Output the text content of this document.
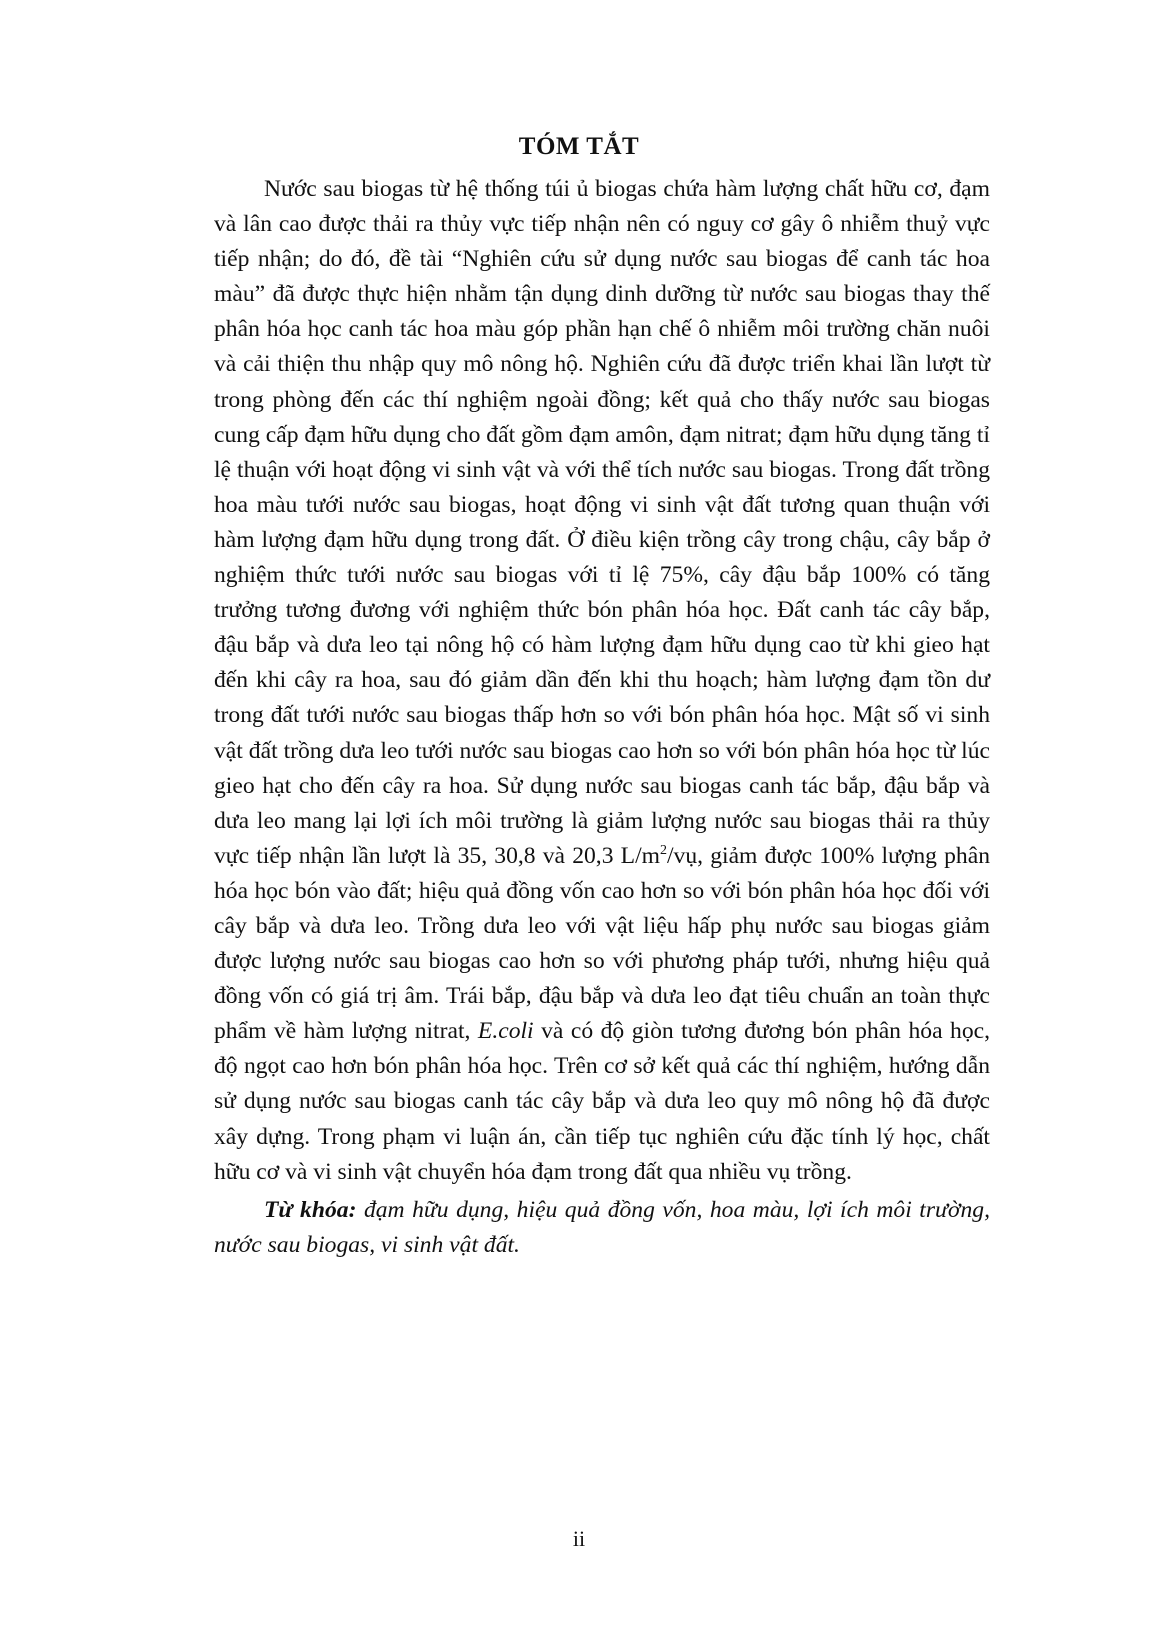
TÓM TẮT

Nước sau biogas từ hệ thống túi ủ biogas chứa hàm lượng chất hữu cơ, đạm và lân cao được thải ra thủy vực tiếp nhận nên có nguy cơ gây ô nhiễm thuỷ vực tiếp nhận; do đó, đề tài “Nghiên cứu sử dụng nước sau biogas để canh tác hoa màu” đã được thực hiện nhằm tận dụng dinh dưỡng từ nước sau biogas thay thế phân hóa học canh tác hoa màu góp phần hạn chế ô nhiễm môi trường chăn nuôi và cải thiện thu nhập quy mô nông hộ. Nghiên cứu đã được triển khai lần lượt từ trong phòng đến các thí nghiệm ngoài đồng; kết quả cho thấy nước sau biogas cung cấp đạm hữu dụng cho đất gồm đạm amôn, đạm nitrat; đạm hữu dụng tăng tỉ lệ thuận với hoạt động vi sinh vật và với thể tích nước sau biogas. Trong đất trồng hoa màu tưới nước sau biogas, hoạt động vi sinh vật đất tương quan thuận với hàm lượng đạm hữu dụng trong đất. Ở điều kiện trồng cây trong chậu, cây bắp ở nghiệm thức tưới nước sau biogas với tỉ lệ 75%, cây đậu bắp 100% có tăng trưởng tương đương với nghiệm thức bón phân hóa học. Đất canh tác cây bắp, đậu bắp và dưa leo tại nông hộ có hàm lượng đạm hữu dụng cao từ khi gieo hạt đến khi cây ra hoa, sau đó giảm dần đến khi thu hoạch; hàm lượng đạm tồn dư trong đất tưới nước sau biogas thấp hơn so với bón phân hóa học. Mật số vi sinh vật đất trồng dưa leo tưới nước sau biogas cao hơn so với bón phân hóa học từ lúc gieo hạt cho đến cây ra hoa. Sử dụng nước sau biogas canh tác bắp, đậu bắp và dưa leo mang lại lợi ích môi trường là giảm lượng nước sau biogas thải ra thủy vực tiếp nhận lần lượt là 35, 30,8 và 20,3 $L/m^2/vụ$, giảm được 100% lượng phân hóa học bón vào đất; hiệu quả đồng vốn cao hơn so với bón phân hóa học đối với cây bắp và dưa leo. Trồng dưa leo với vật liệu hấp phụ nước sau biogas giảm được lượng nước sau biogas cao hơn so với phương pháp tưới, nhưng hiệu quả đồng vốn có giá trị âm. Trái bắp, đậu bắp và dưa leo đạt tiêu chuẩn an toàn thực phẩm về hàm lượng nitrat, E.coli và có độ giòn tương đương bón phân hóa học, độ ngọt cao hơn bón phân hóa học. Trên cơ sở kết quả các thí nghiệm, hướng dẫn sử dụng nước sau biogas canh tác cây bắp và dưa leo quy mô nông hộ đã được xây dựng. Trong phạm vi luận án, cần tiếp tục nghiên cứu đặc tính lý học, chất hữu cơ và vi sinh vật chuyển hóa đạm trong đất qua nhiều vụ trồng.

Từ khóa: đạm hữu dụng, hiệu quả đồng vốn, hoa màu, lợi ích môi trường, nước sau biogas, vi sinh vật đất.

ii
